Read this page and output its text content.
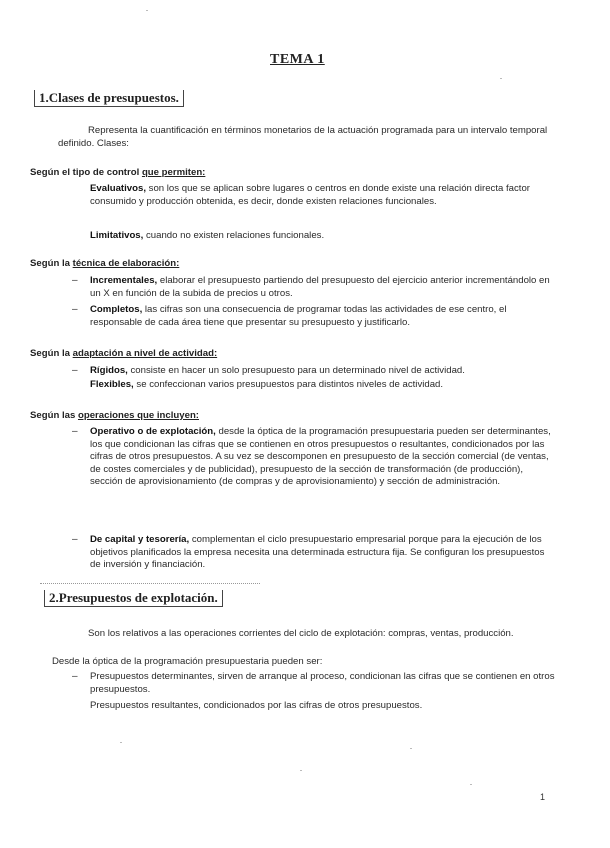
TEMA 1
1.Clases de presupuestos.
Representa la cuantificación en términos monetarios de la actuación programada para un intervalo temporal definido. Clases:
Según el tipo de control que permiten:
Evaluativos, son los que se aplican sobre lugares o centros en donde existe una relación directa factor consumido y producción obtenida, es decir, donde existen relaciones funcionales.
Limitativos, cuando no existen relaciones funcionales.
Según la técnica de elaboración:
– Incrementales, elaborar el presupuesto partiendo del presupuesto del ejercicio anterior incrementándolo en un X en función de la subida de precios u otros.
– Completos, las cifras son una consecuencia de programar todas las actividades de ese centro, el responsable de cada área tiene que presentar su presupuesto y justificarlo.
Según la adaptación a nivel de actividad:
– Rígidos, consiste en hacer un solo presupuesto para un determinado nivel de actividad.
Flexibles, se confeccionan varios presupuestos para distintos niveles de actividad.
Según las operaciones que incluyen:
– Operativo o de explotación, desde la óptica de la programación presupuestaria pueden ser determinantes, los que condicionan las cifras que se contienen en otros presupuestos o resultantes, condicionados por las cifras de otros presupuestos. A su vez se descomponen en presupuesto de la sección comercial (de ventas, de costes comerciales y de publicidad), presupuesto de la sección de transformación (de producción), sección de aprovisionamiento (de compras y de aprovisionamiento) y sección de administración.
– De capital y tesorería, complementan el ciclo presupuestario empresarial porque para la ejecución de los objetivos planificados la empresa necesita una determinada estructura fija. Se configuran los presupuestos de inversión y financiación.
2.Presupuestos de explotación.
Son los relativos a las operaciones corrientes del ciclo de explotación: compras, ventas, producción.
Desde la óptica de la programación presupuestaria pueden ser:
– Presupuestos determinantes, sirven de arranque al proceso, condicionan las cifras que se contienen en otros presupuestos.
Presupuestos resultantes, condicionados por las cifras de otros presupuestos.
1
